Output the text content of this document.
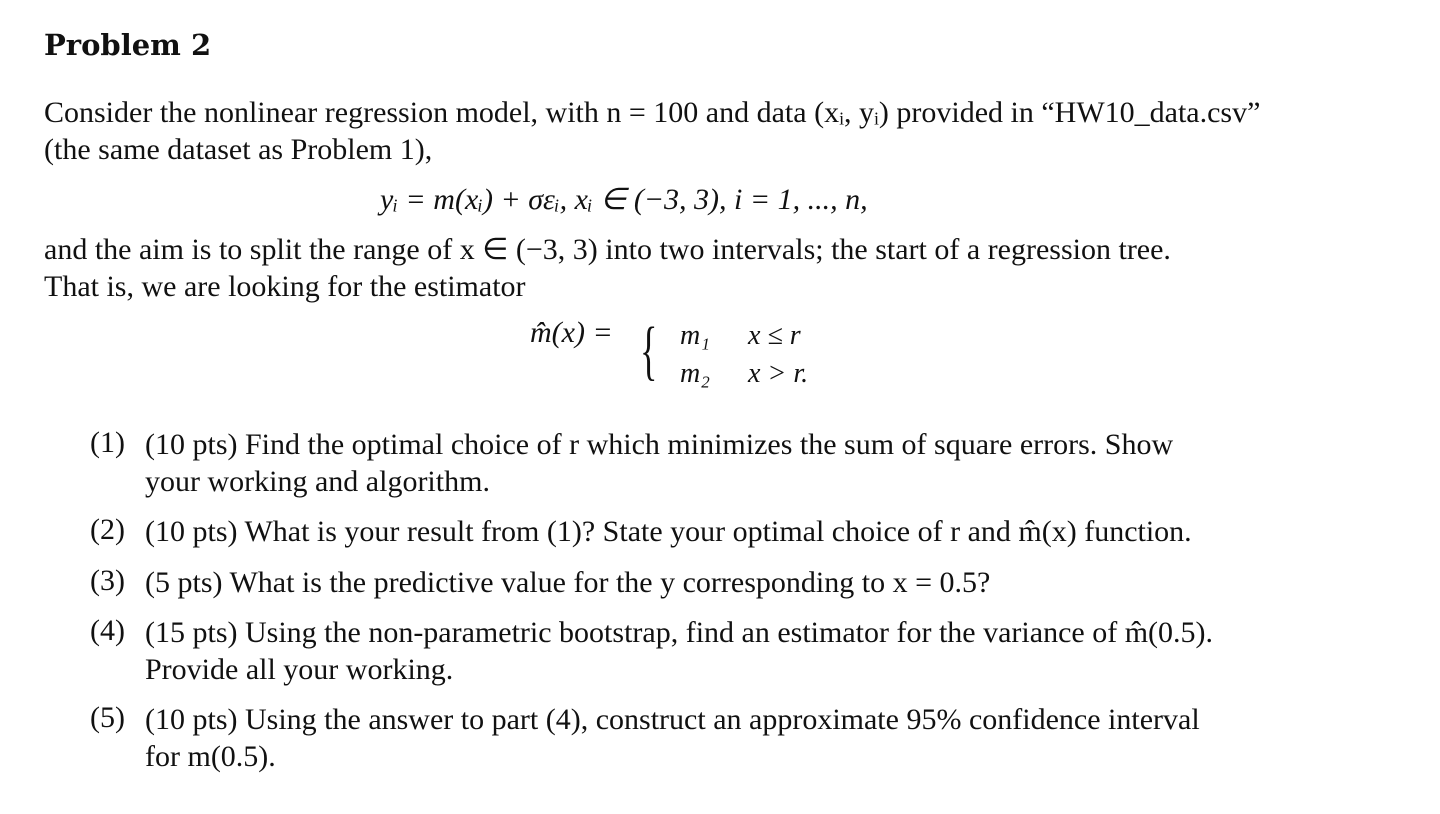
Problem 2
Consider the nonlinear regression model, with n = 100 and data (xᵢ, yᵢ) provided in “HW10_data.csv”
(the same dataset as Problem 1),
yᵢ = m(xᵢ) + σεᵢ, xᵢ ∈ (−3, 3), i = 1, ..., n,
and the aim is to split the range of x ∈ (−3, 3) into two intervals; the start of a regression tree.
That is, we are looking for the estimator
m̂(x) = { m₁ x ≤ r
m₂ x > r.
(1) (10 pts) Find the optimal choice of r which minimizes the sum of square errors. Show
your working and algorithm.
(2) (10 pts) What is your result from (1)? State your optimal choice of r and m̂(x) function.
(3) (5 pts) What is the predictive value for the y corresponding to x = 0.5?
(4) (15 pts) Using the non-parametric bootstrap, find an estimator for the variance of m̂(0.5).
Provide all your working.
(5) (10 pts) Using the answer to part (4), construct an approximate 95% confidence interval
for m(0.5).
